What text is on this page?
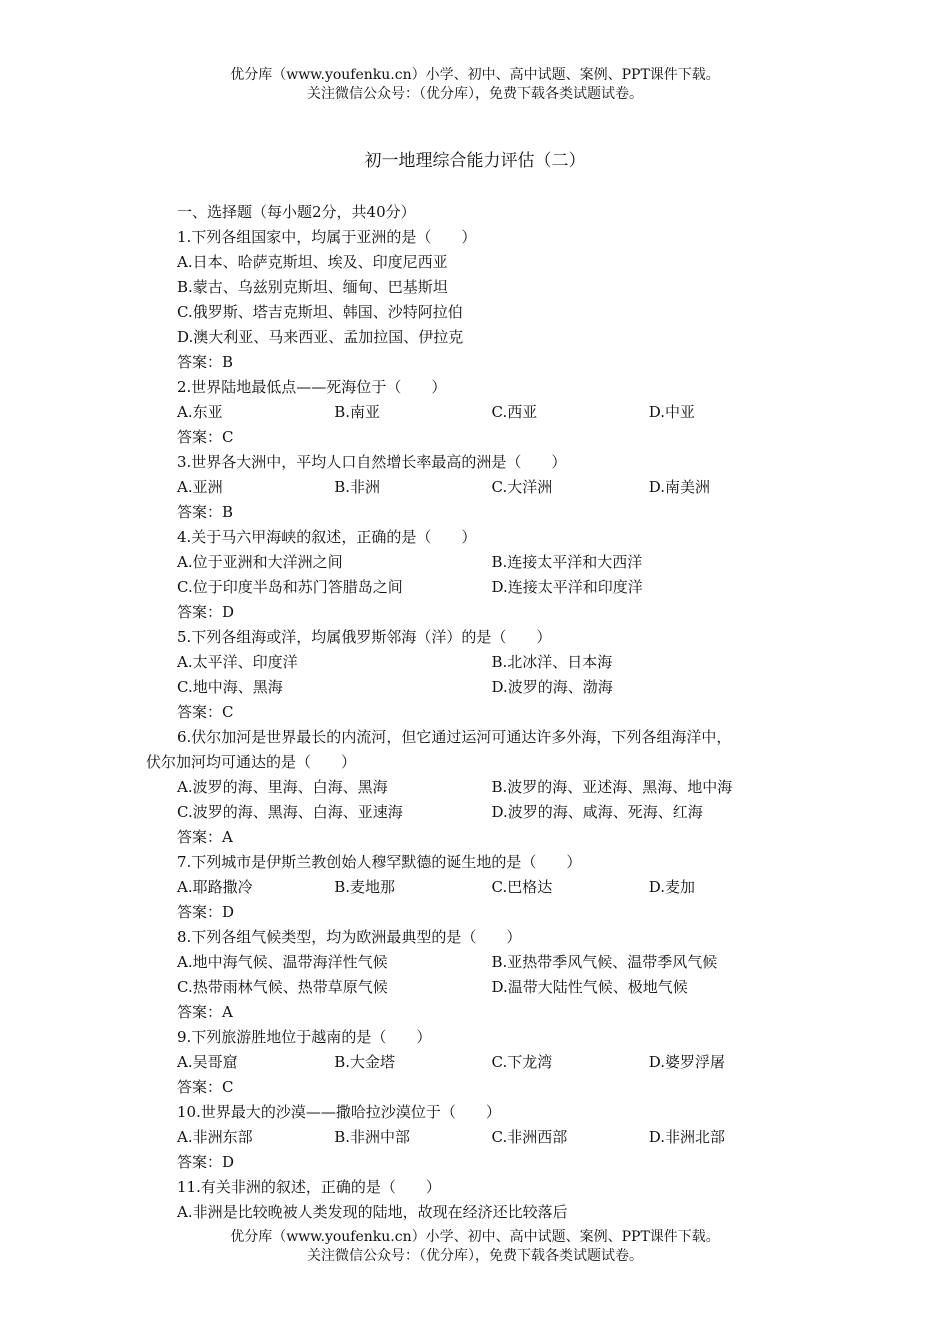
优分库（www.youfenku.cn）小学、初中、高中试题、案例、PPT课件下载。
关注微信公众号：（优分库），免费下载各类试题试卷。
初一地理综合能力评估（二）
一、选择题（每小题2分，共40分）
1.下列各组国家中，均属于亚洲的是（　　）
A.日本、哈萨克斯坦、埃及、印度尼西亚
B.蒙古、乌兹别克斯坦、缅甸、巴基斯坦
C.俄罗斯、塔吉克斯坦、韩国、沙特阿拉伯
D.澳大利亚、马来西亚、孟加拉国、伊拉克
答案：B
2.世界陆地最低点——死海位于（　　）
A.东亚	B.南亚	C.西亚	D.中亚
答案：C
3.世界各大洲中，平均人口自然增长率最高的洲是（　　）
A.亚洲	B.非洲	C.大洋洲	D.南美洲
答案：B
4.关于马六甲海峡的叙述，正确的是（　　）
A.位于亚洲和大洋洲之间	B.连接太平洋和大西洋
C.位于印度半岛和苏门答腊岛之间	D.连接太平洋和印度洋
答案：D
5.下列各组海或洋，均属俄罗斯邻海（洋）的是（　　）
A.太平洋、印度洋	B.北冰洋、日本海
C.地中海、黑海	D.波罗的海、渤海
答案：C
6.伏尔加河是世界最长的内流河，但它通过运河可通达许多外海，下列各组海洋中，
伏尔加河均可通达的是（　　）
A.波罗的海、里海、白海、黑海	B.波罗的海、亚述海、黑海、地中海
C.波罗的海、黑海、白海、亚速海	D.波罗的海、咸海、死海、红海
答案：A
7.下列城市是伊斯兰教创始人穆罕默德的诞生地的是（　　）
A.耶路撒冷	B.麦地那	C.巴格达	D.麦加
答案：D
8.下列各组气候类型，均为欧洲最典型的是（　　）
A.地中海气候、温带海洋性气候	B.亚热带季风气候、温带季风气候
C.热带雨林气候、热带草原气候	D.温带大陆性气候、极地气候
答案：A
9.下列旅游胜地位于越南的是（　　）
A.吴哥窟	B.大金塔	C.下龙湾	D.婆罗浮屠
答案：C
10.世界最大的沙漠——撒哈拉沙漠位于（　　）
A.非洲东部	B.非洲中部	C.非洲西部	D.非洲北部
答案：D
11.有关非洲的叙述，正确的是（　　）
A.非洲是比较晚被人类发现的陆地，故现在经济还比较落后
优分库（www.youfenku.cn）小学、初中、高中试题、案例、PPT课件下载。
关注微信公众号：（优分库），免费下载各类试题试卷。
